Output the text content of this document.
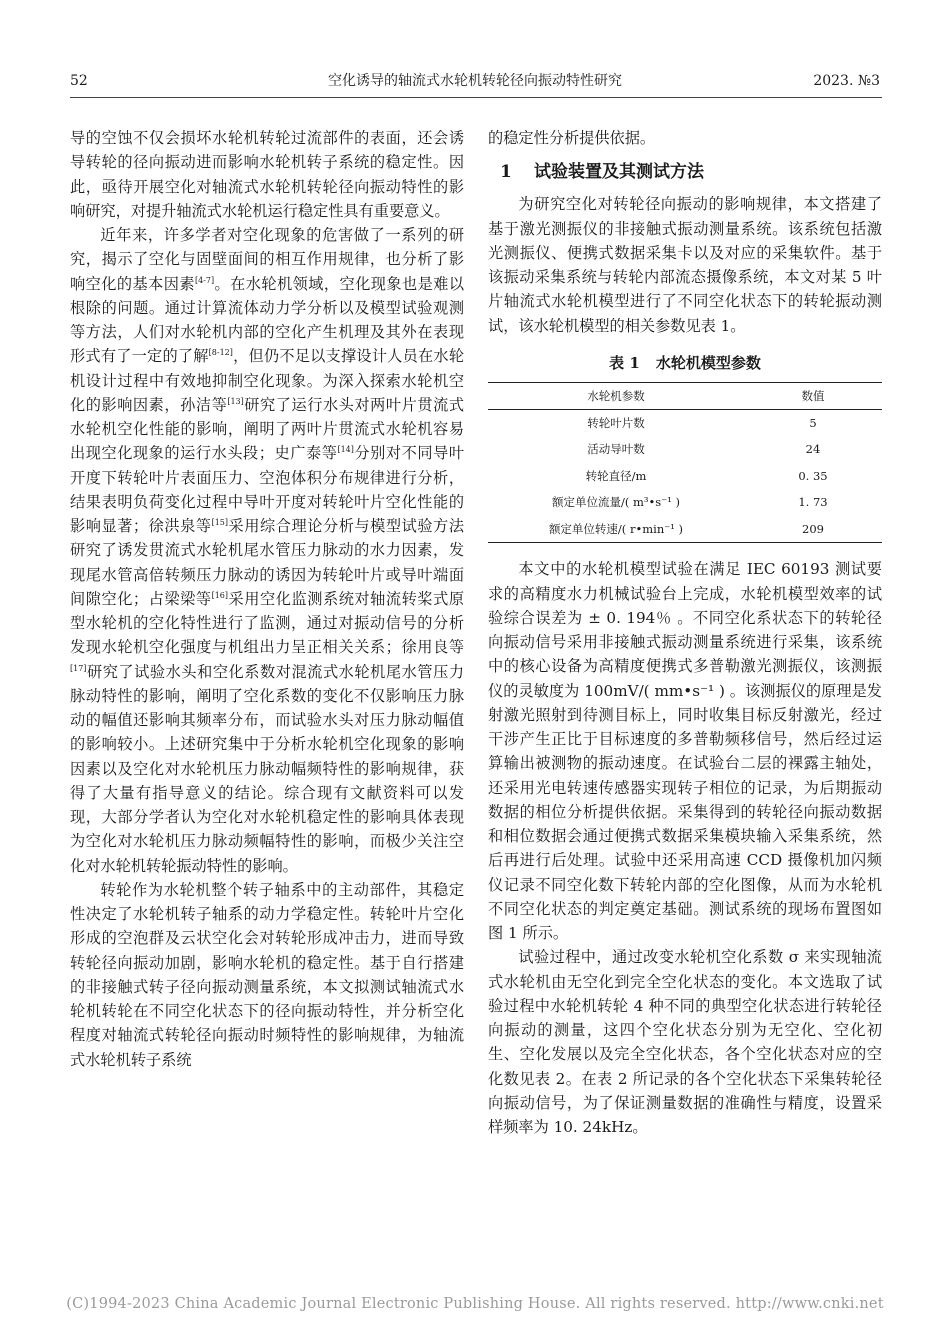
52	空化诱导的轴流式水轮机转轮径向振动特性研究	2023. №3

导的空蚀不仅会损坏水轮机转轮过流部件的表面，还会诱导转轮的径向振动进而影响水轮机转子系统的稳定性。因此，亟待开展空化对轴流式水轮机转轮径向振动特性的影响研究，对提升轴流式水轮机运行稳定性具有重要意义。

近年来，许多学者对空化现象的危害做了一系列的研究，揭示了空化与固壁面间的相互作用规律，也分析了影响空化的基本因素[4-7]。在水轮机领域，空化现象也是难以根除的问题。通过计算流体动力学分析以及模型试验观测等方法，人们对水轮机内部的空化产生机理及其外在表现形式有了一定的了解[8-12]，但仍不足以支撑设计人员在水轮机设计过程中有效地抑制空化现象。为深入探索水轮机空化的影响因素，孙洁等[13]研究了运行水头对两叶片贯流式水轮机空化性能的影响，阐明了两叶片贯流式水轮机容易出现空化现象的运行水头段；史广泰等[14]分别对不同导叶开度下转轮叶片表面压力、空泡体积分布规律进行分析，结果表明负荷变化过程中导叶开度对转轮叶片空化性能的影响显著；徐洪泉等[15]采用综合理论分析与模型试验方法研究了诱发贯流式水轮机尾水管压力脉动的水力因素，发现尾水管高倍转频压力脉动的诱因为转轮叶片或导叶端面间隙空化；占梁梁等[16]采用空化监测系统对轴流转桨式原型水轮机的空化特性进行了监测，通过对振动信号的分析发现水轮机空化强度与机组出力呈正相关关系；徐用良等[17]研究了试验水头和空化系数对混流式水轮机尾水管压力脉动特性的影响，阐明了空化系数的变化不仅影响压力脉动的幅值还影响其频率分布，而试验水头对压力脉动幅值的影响较小。上述研究集中于分析水轮机空化现象的影响因素以及空化对水轮机压力脉动幅频特性的影响规律，获得了大量有指导意义的结论。综合现有文献资料可以发现，大部分学者认为空化对水轮机稳定性的影响具体表现为空化对水轮机压力脉动频幅特性的影响，而极少关注空化对水轮机转轮振动特性的影响。

转轮作为水轮机整个转子轴系中的主动部件，其稳定性决定了水轮机转子轴系的动力学稳定性。转轮叶片空化形成的空泡群及云状空化会对转轮形成冲击力，进而导致转轮径向振动加剧，影响水轮机的稳定性。基于自行搭建的非接触式转子径向振动测量系统，本文拟测试轴流式水轮机转轮在不同空化状态下的径向振动特性，并分析空化程度对轴流式转轮径向振动时频特性的影响规律，为轴流式水轮机转子系统

的稳定性分析提供依据。

1 试验装置及其测试方法

为研究空化对转轮径向振动的影响规律，本文搭建了基于激光测振仪的非接触式振动测量系统。该系统包括激光测振仪、便携式数据采集卡以及对应的采集软件。基于该振动采集系统与转轮内部流态摄像系统，本文对某 5 叶片轴流式水轮机模型进行了不同空化状态下的转轮振动测试，该水轮机模型的相关参数见表 1。

表 1 水轮机模型参数
水轮机参数	数值
转轮叶片数	5
活动导叶数	24
转轮直径/m	0. 35
额定单位流量/( m³•s⁻¹ )	1. 73
额定单位转速/( r•min⁻¹ )	209

本文中的水轮机模型试验在满足 IEC 60193 测试要求的高精度水力机械试验台上完成，水轮机模型效率的试验综合误差为 ± 0. 194％ 。不同空化系状态下的转轮径向振动信号采用非接触式振动测量系统进行采集，该系统中的核心设备为高精度便携式多普勒激光测振仪，该测振仪的灵敏度为 100mV/( mm•s⁻¹ ) 。该测振仪的原理是发射激光照射到待测目标上，同时收集目标反射激光，经过干涉产生正比于目标速度的多普勒频移信号，然后经过运算输出被测物的振动速度。在试验台二层的裸露主轴处，还采用光电转速传感器实现转子相位的记录，为后期振动数据的相位分析提供依据。采集得到的转轮径向振动数据和相位数据会通过便携式数据采集模块输入采集系统，然后再进行后处理。试验中还采用高速 CCD 摄像机加闪频仪记录不同空化数下转轮内部的空化图像，从而为水轮机不同空化状态的判定奠定基础。测试系统的现场布置图如图 1 所示。

试验过程中，通过改变水轮机空化系数 σ 来实现轴流式水轮机由无空化到完全空化状态的变化。本文选取了试验过程中水轮机转轮 4 种不同的典型空化状态进行转轮径向振动的测量，这四个空化状态分别为无空化、空化初生、空化发展以及完全空化状态，各个空化状态对应的空化数见表 2。在表 2 所记录的各个空化状态下采集转轮径向振动信号，为了保证测量数据的准确性与精度，设置采样频率为 10. 24kHz。

(C)1994-2023 China Academic Journal Electronic Publishing House. All rights reserved. http://www.cnki.net
